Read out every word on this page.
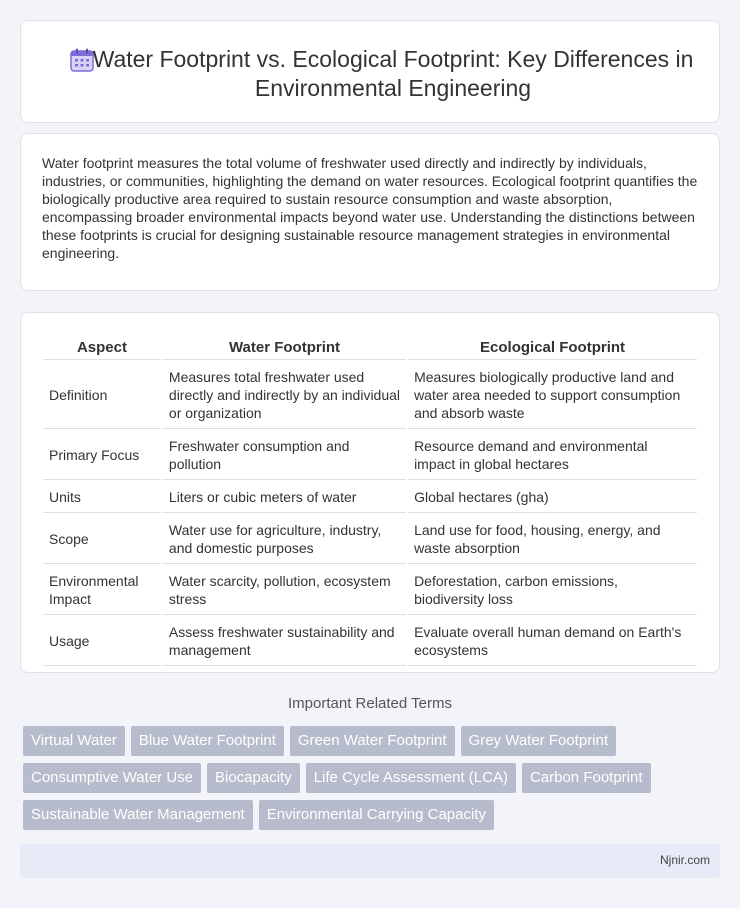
Water Footprint vs. Ecological Footprint: Key Differences in Environmental Engineering

Water footprint measures the total volume of freshwater used directly and indirectly by individuals, industries, or communities, highlighting the demand on water resources. Ecological footprint quantifies the biologically productive area required to sustain resource consumption and waste absorption, encompassing broader environmental impacts beyond water use. Understanding the distinctions between these footprints is crucial for designing sustainable resource management strategies in environmental engineering.

Aspect	Water Footprint	Ecological Footprint
Definition	Measures total freshwater used directly and indirectly by an individual or organization	Measures biologically productive land and water area needed to support consumption and absorb waste
Primary Focus	Freshwater consumption and pollution	Resource demand and environmental impact in global hectares
Units	Liters or cubic meters of water	Global hectares (gha)
Scope	Water use for agriculture, industry, and domestic purposes	Land use for food, housing, energy, and waste absorption
Environmental Impact	Water scarcity, pollution, ecosystem stress	Deforestation, carbon emissions, biodiversity loss
Usage	Assess freshwater sustainability and management	Evaluate overall human demand on Earth's ecosystems
Important Related Terms
Virtual Water	Blue Water Footprint	Green Water Footprint	Grey Water Footprint
Consumptive Water Use	Biocapacity	Life Cycle Assessment (LCA)	Carbon Footprint
Sustainable Water Management	Environmental Carrying Capacity
Njnir.com
